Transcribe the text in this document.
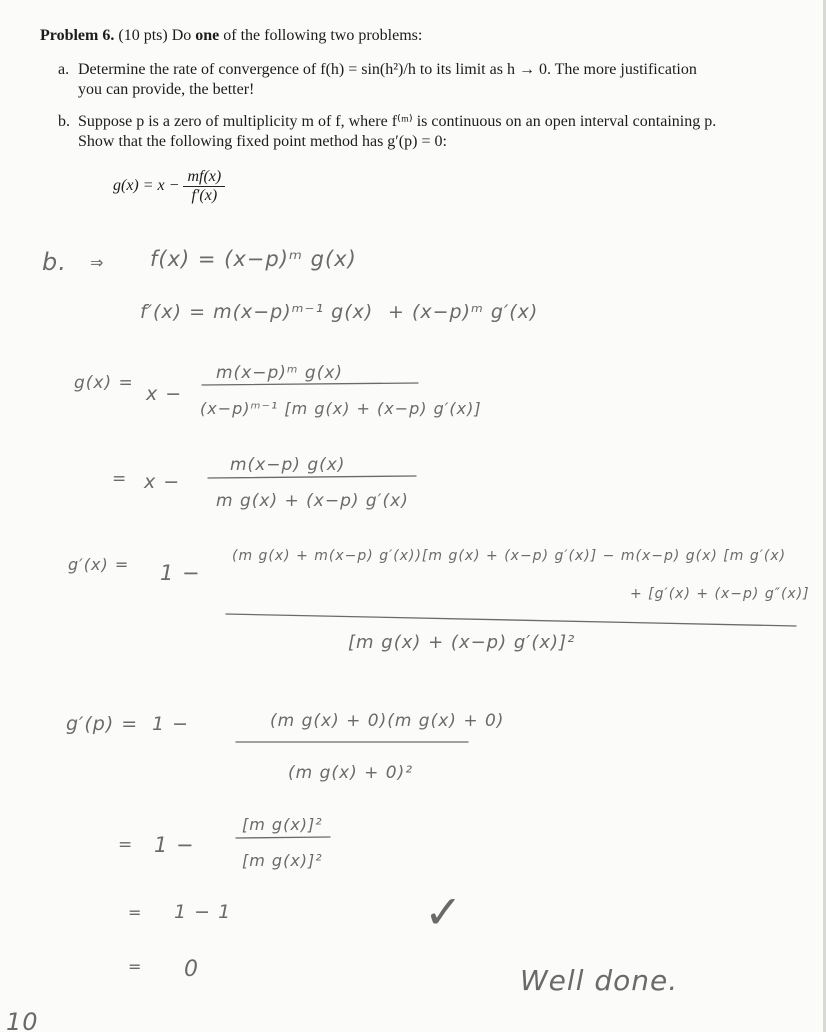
Problem 6. (10 pts) Do one of the following two problems:
a. Determine the rate of convergence of f(h) = sin(h²)/h to its limit as h → 0. The more justification you can provide, the better!
b. Suppose p is a zero of multiplicity m of f, where f⁽ᵐ⁾ is continuous on an open interval containing p. Show that the following fixed point method has g′(p) = 0:
$g(x) = x - \frac{mf(x)}{f'(x)}$
b. ⇒ f(x) = (x−p)ᵐ g(x)
f′(x) = m(x−p)ᵐ⁻¹ g(x) + (x−p)ᵐ g′(x)
g(x) = x −
m(x−p)ᵐ g(x)
(x−p)ᵐ⁻¹ [m g(x) + (x−p) g′(x)]
= x −
m(x−p) g(x)
m g(x) + (x−p) g′(x)
g′(x) = 1 −
(m g(x) + m(x−p) g′(x))[m g(x) + (x−p) g′(x)] − m(x−p) g(x) [m g′(x)
+ [g′(x) + (x−p) g″(x)]
[m g(x) + (x−p) g′(x)]²
g′(p) = 1 −	(m g(x) + 0)(m g(x) + 0)
(m g(x) + 0)²
= 1 −
[m g(x)]²
[m g(x)]²
= 1 − 1
= 0
✓
Well done.
10
